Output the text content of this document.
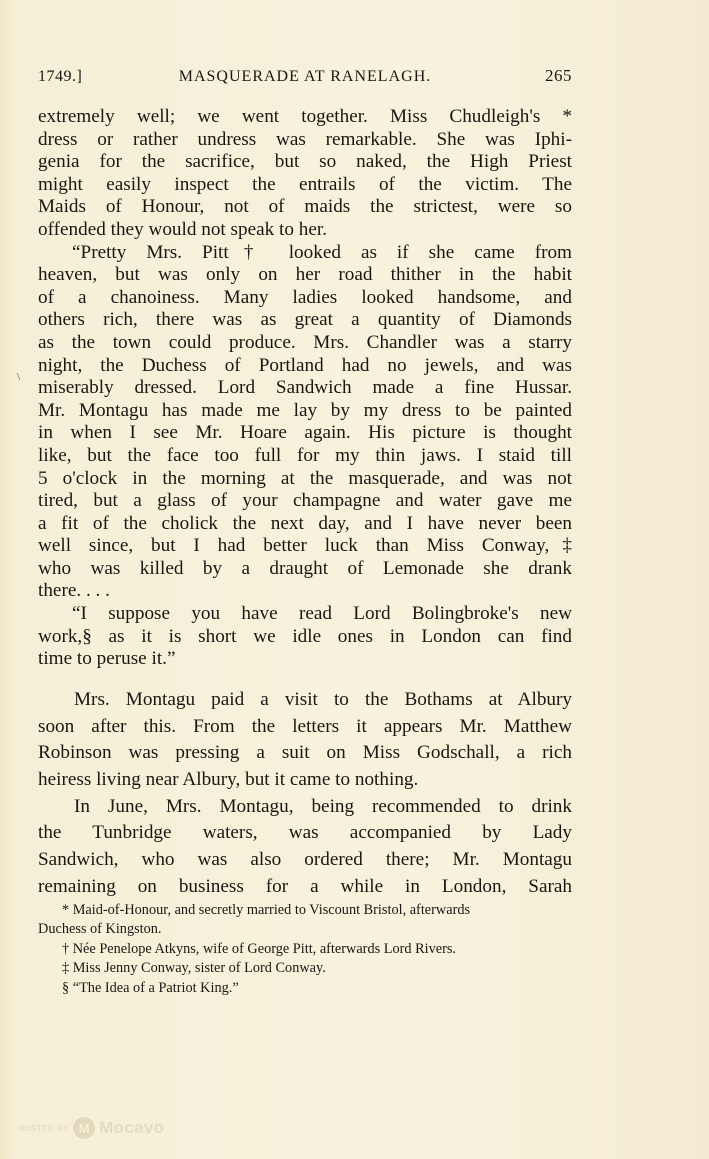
1749.]	MASQUERADE AT RANELAGH.	265
\
extremely well; we went together. Miss Chudleigh's *
dress or rather undress was remarkable. She was Iphi-
genia for the sacrifice, but so naked, the High Priest
might easily inspect the entrails of the victim. The
Maids of Honour, not of maids the strictest, were so
offended they would not speak to her.
“Pretty Mrs. Pitt† looked as if she came from
heaven, but was only on her road thither in the habit
of a chanoiness. Many ladies looked handsome, and
others rich, there was as great a quantity of Diamonds
as the town could produce. Mrs. Chandler was a starry
night, the Duchess of Portland had no jewels, and was
miserably dressed. Lord Sandwich made a fine Hussar.
Mr. Montagu has made me lay by my dress to be painted
in when I see Mr. Hoare again. His picture is thought
like, but the face too full for my thin jaws. I staid till
5 o'clock in the morning at the masquerade, and was not
tired, but a glass of your champagne and water gave me
a fit of the cholick the next day, and I have never been
well since, but I had better luck than Miss Conway,‡
who was killed by a draught of Lemonade she drank
there. . . .
“I suppose you have read Lord Bolingbroke's new
work,§ as it is short we idle ones in London can find
time to peruse it.”
Mrs. Montagu paid a visit to the Bothams at Albury
soon after this. From the letters it appears Mr. Matthew
Robinson was pressing a suit on Miss Godschall, a rich
heiress living near Albury, but it came to nothing.
In June, Mrs. Montagu, being recommended to drink
the Tunbridge waters, was accompanied by Lady
Sandwich, who was also ordered there; Mr. Montagu
remaining on business for a while in London, Sarah
* Maid-of-Honour, and secretly married to Viscount Bristol, afterwards
Duchess of Kingston.
† Née Penelope Atkyns, wife of George Pitt, afterwards Lord Rivers.
‡ Miss Jenny Conway, sister of Lord Conway.
§ “The Idea of a Patriot King.”
HOSTED BY M Mocavo
